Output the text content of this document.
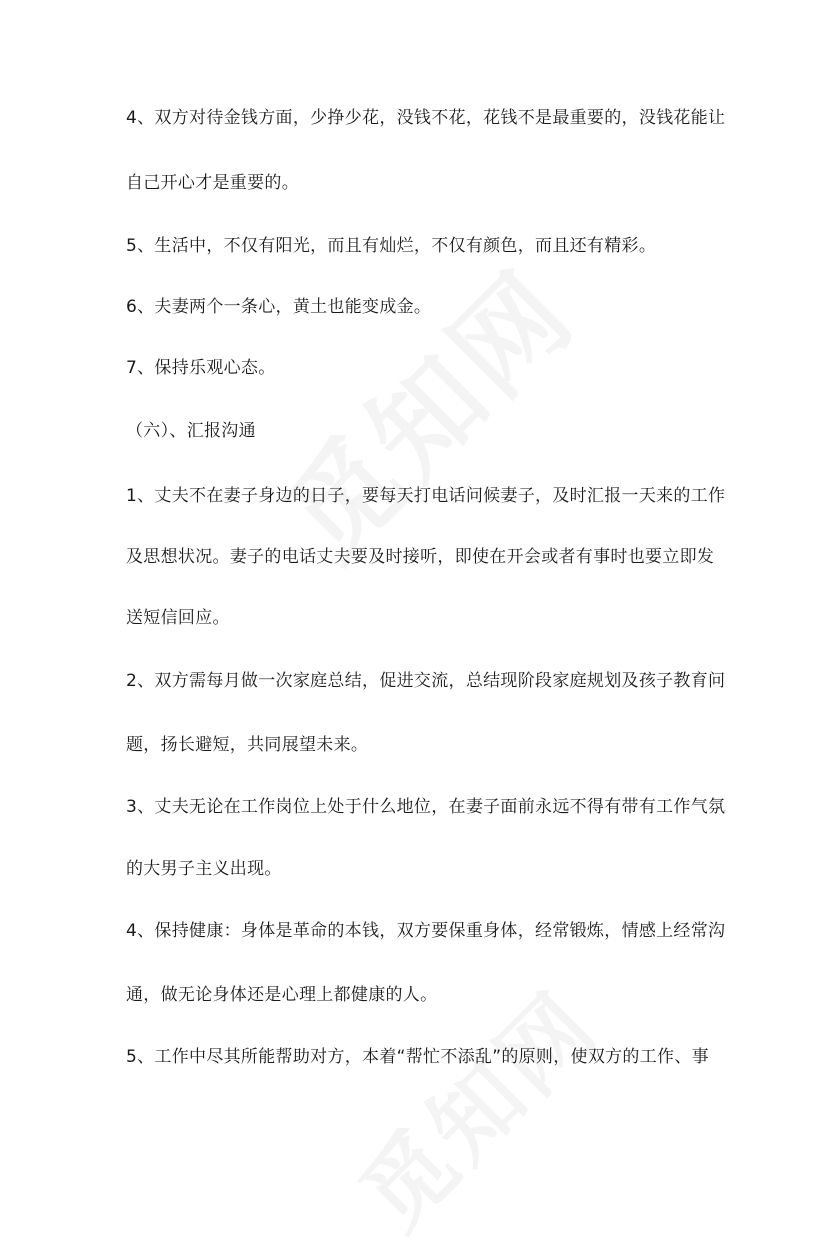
4、双方对待金钱方面，少挣少花，没钱不花，花钱不是最重要的，没钱花能让
自己开心才是重要的。
5、生活中，不仅有阳光，而且有灿烂，不仅有颜色，而且还有精彩。
6、夫妻两个一条心，黄土也能变成金。
7、保持乐观心态。
（六）、汇报沟通
1、丈夫不在妻子身边的日子，要每天打电话问候妻子，及时汇报一天来的工作
及思想状况。妻子的电话丈夫要及时接听，即使在开会或者有事时也要立即发
送短信回应。
2、双方需每月做一次家庭总结，促进交流，总结现阶段家庭规划及孩子教育问
题，扬长避短，共同展望未来。
3、丈夫无论在工作岗位上处于什么地位，在妻子面前永远不得有带有工作气氛
的大男子主义出现。
4、保持健康：身体是革命的本钱，双方要保重身体，经常锻炼，情感上经常沟
通，做无论身体还是心理上都健康的人。
5、工作中尽其所能帮助对方，本着“帮忙不添乱”的原则，使双方的工作、事
